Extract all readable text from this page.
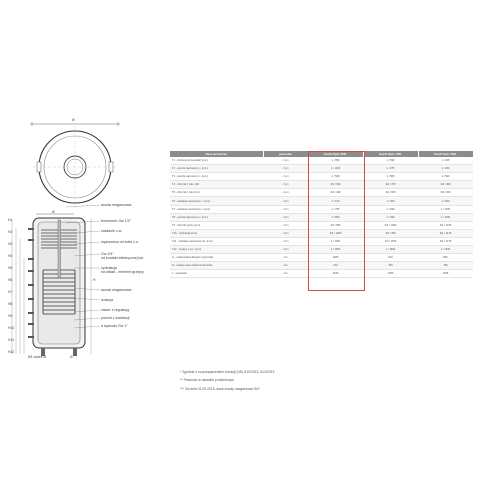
Ø
Ø
Ø1 nóżek Ø	Ø
H
anoda magnezowa
termometr Gw 1/2"
zasilanie c.w.
wężownica od kotła c.o.
Gw 3/4"
na kontakt elektrycznej lub
cyrkulacja
na wkład - element grzejny
anoda magnezowa
izolacja
zawór z regulacją
powrót z instalacji
a wywodu Gw 1"
H1
H2
H3
H4
H5
H6
H7
H8
H9
H10
H11
H12
Dane techniczne	jednostka	Kombi Spiro 300L	Kombi Spiro 400L	Kombi Spiro 500L
T1 - złożenie (przepustki) [mm]	/ mm	1 / 950	1 / 590	1 / 235
T2 - powrót wężownicy c. [mm]	/ mm	1 / 1015	1 / 075	1 / 260
T3 - powrót wężownicy c. [mm]	/ mm	1 / 560	1 / 560	1 / 560
T4 - zbiornik z tyłu / dół	/ mm	3/4 / 390	3/4 / 475	3/4 / 300
T5 - zbiornik z tyłu [mm]	/ mm	3/4 / 490	3/4 / 825	3/4 / 025
T6 - zasilanie wężownicy c. [mm]	/ mm	1 / 670	1 / 360	1 / 940
T7 - zasilanie wężownicy c. [mm]	/ mm	1 / 755	1 / 990	1 / 1155
T8 - powrót wężownicy c. [mm]	/ mm	1 / 860	1 / 390	1 / 1155
T9 - zbiornik górny [mm]	/ mm	3/4 / 980	3/4 / 1280	3/4 / 1235
T10 - cyrkulacja [mm]	/ mm	3/4 / 1080	3/4 / 355	3/4 / 1475
T11 - zasilanie wężownicy dz. [mm]	/ mm	1 / 1180	3/4 / 1155	3/4 / 1375
T12 - wypływ c.w.u. [mm]	/ mm	1 / 1305	1 / 1690	1 / 1640
G - maksymalna długość pojemnika	mm	1905	640	800
D - maksymalna średnica zbiornika	mm	670	750	750
L - wysokość	mm	1815	1780	1935
* Zgodnie z rozporządzeniem komisji (UE) 812/2013, 814/2013
** Pewność w układzie podzielonym
*** Od dnia 01.09.2015 nowe anody magnezowe 5/4"
